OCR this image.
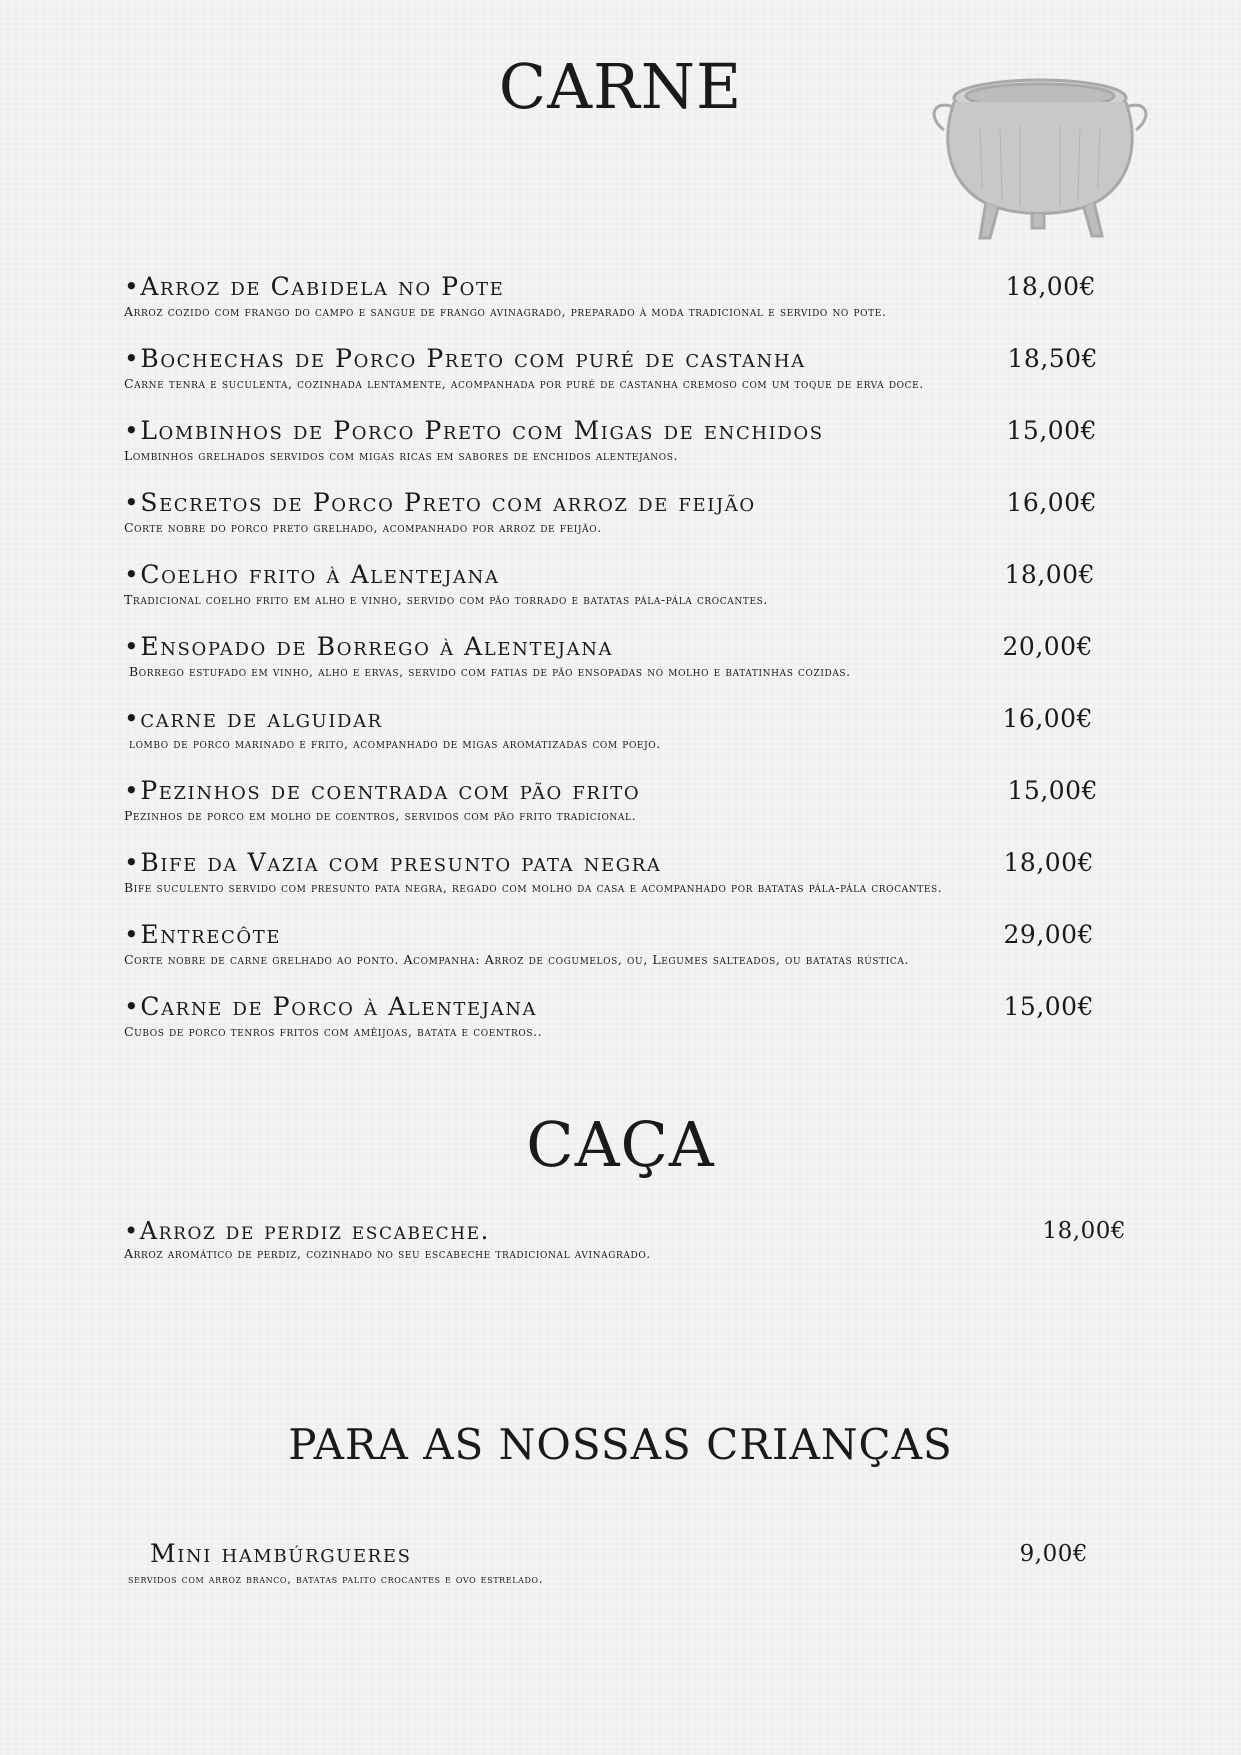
CARNE
•Arroz de Cabidela no Pote	18,00€
Arroz cozido com frango do campo e sangue de frango avinagrado, preparado à moda tradicional e servido no pote.
•Bochechas de Porco Preto com puré de castanha	18,50€
Carne tenra e suculenta, cozinhada lentamente, acompanhada por puré de castanha cremoso com um toque de erva doce.
•Lombinhos de Porco Preto com Migas de enchidos	15,00€
Lombinhos grelhados servidos com migas ricas em sabores de enchidos alentejanos.
•Secretos de Porco Preto com arroz de feijão	16,00€
Corte nobre do porco preto grelhado, acompanhado por arroz de feijão.
•Coelho frito à Alentejana	18,00€
Tradicional coelho frito em alho e vinho, servido com pão torrado e batatas pála-pála crocantes.
•Ensopado de Borrego à Alentejana	20,00€
Borrego estufado em vinho, alho e ervas, servido com fatias de pão ensopadas no molho e batatinhas cozidas.
•carne de alguidar	16,00€
lombo de porco marinado e frito, acompanhado de migas aromatizadas com poejo.
•Pezinhos de coentrada com pão frito	15,00€
Pezinhos de porco em molho de coentros, servidos com pão frito tradicional.
•Bife da Vazia com presunto pata negra	18,00€
Bife suculento servido com presunto pata negra, regado com molho da casa e acompanhado por batatas pála-pála crocantes.
•Entrecôte	29,00€
Corte nobre de carne grelhado ao ponto. Acompanha: Arroz de cogumelos, ou, Legumes salteados, ou batatas rústica.
•Carne de Porco à Alentejana	15,00€
Cubos de porco tenros fritos com amêijoas, batata e coentros..
CAÇA
•Arroz de perdiz escabeche.	18,00€
Arroz aromático de perdiz, cozinhado no seu escabeche tradicional avinagrado.
PARA AS NOSSAS CRIANÇAS
Mini hambúrgueres	9,00€
servidos com arroz branco, batatas palito crocantes e ovo estrelado.
